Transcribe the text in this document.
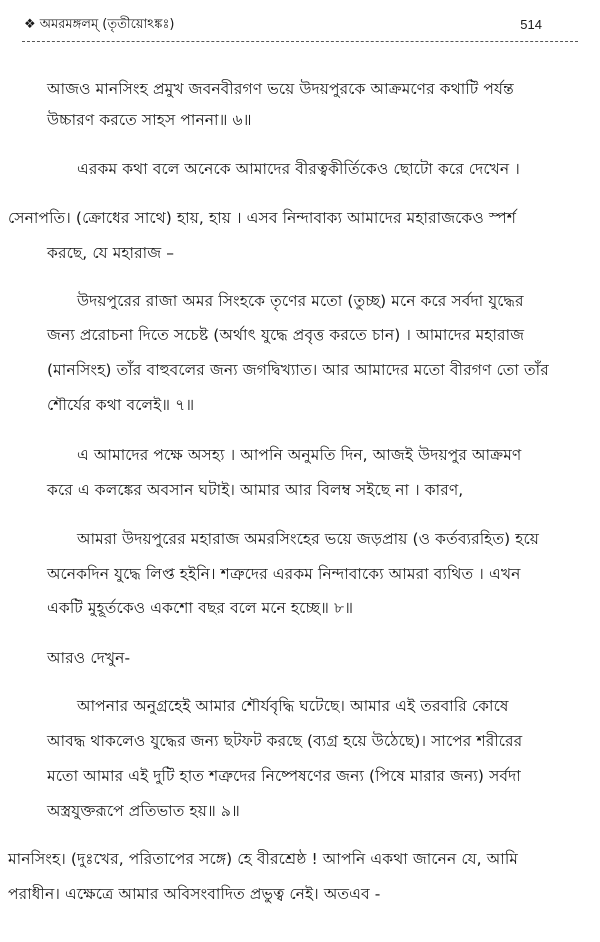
❖ অমরমঙ্গলম্ (তৃতীয়োঽঙ্কঃ)	514
আজও মানসিংহ প্রমুখ জবনবীরগণ ভয়ে উদয়পুরকে আক্রমণের কথাটি পর্যন্ত
উচ্চারণ করতে সাহস পাননা॥ ৬॥
এরকম কথা বলে অনেকে আমাদের বীরত্বকীর্তিকেও ছোটো করে দেখেন ।
সেনাপতি। (ক্রোধের সাথে) হায়, হায় । এসব নিন্দাবাক্য আমাদের মহারাজকেও স্পর্শ
করছে, যে মহারাজ –
উদয়পুরের রাজা অমর সিংহকে তৃণের মতো (তুচ্ছ) মনে করে সর্বদা যুদ্ধের
জন্য প্ররোচনা দিতে সচেষ্ট (অর্থাৎ যুদ্ধে প্রবৃত্ত করতে চান) । আমাদের মহারাজ
(মানসিংহ) তাঁর বাহুবলের জন্য জগদ্বিখ্যাত। আর আমাদের মতো বীরগণ তো তাঁর
শৌর্যের কথা বলেই॥ ৭॥
এ আমাদের পক্ষে অসহ্য । আপনি অনুমতি দিন, আজই উদয়পুর আক্রমণ
করে এ কলঙ্কের অবসান ঘটাই। আমার আর বিলম্ব সইছে না । কারণ,
আমরা উদয়পুরের মহারাজ অমরসিংহের ভয়ে জড়প্রায় (ও কর্তব্যরহিত) হয়ে
অনেকদিন যুদ্ধে লিপ্ত হইনি। শত্রুদের এরকম নিন্দাবাক্যে আমরা ব্যথিত । এখন
একটি মুহূর্তকেও একশো বছর বলে মনে হচ্ছে॥ ৮॥
আরও দেখুন-
আপনার অনুগ্রহেই আমার শৌর্যবৃদ্ধি ঘটেছে। আমার এই তরবারি কোষে
আবদ্ধ থাকলেও যুদ্ধের জন্য ছটফট করছে (ব্যগ্র হয়ে উঠেছে)। সাপের শরীরের
মতো আমার এই দুটি হাত শত্রুদের নিষ্পেষণের জন্য (পিষে মারার জন্য) সর্বদা
অস্ত্রযুক্তরূপে প্রতিভাত হয়॥ ৯॥
মানসিংহ। (দুঃখের, পরিতাপের সঙ্গে) হে বীরশ্রেষ্ঠ ! আপনি একথা জানেন যে, আমি
পরাধীন। এক্ষেত্রে আমার অবিসংবাদিত প্রভুত্ব নেই। অতএব -
